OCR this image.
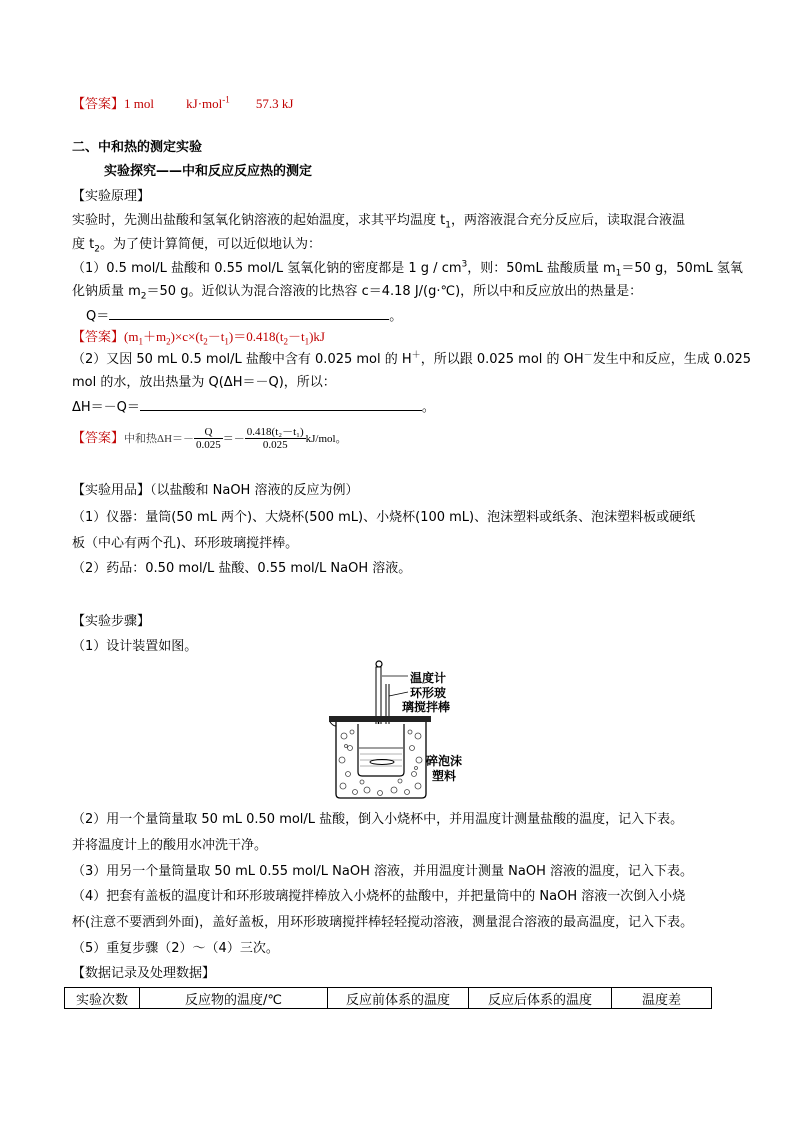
【答案】1 mol kJ·mol$^{-1}$ 57.3 kJ
二、中和热的测定实验
实验探究——中和反应反应热的测定
【实验原理】
实验时，先测出盐酸和氢氧化钠溶液的起始温度，求其平均温度 $t_1$，两溶液混合充分反应后，读取混合液温
度 $t_2$。为了使计算简便，可以近似地认为：
（1）0.5 mol/L 盐酸和 0.55 mol/L 氢氧化钠的密度都是 1 g / $cm^3$，则：50mL 盐酸质量 $m_1=50$ g，50mL 氢氧
化钠质量 $m_2=50$ g。近似认为混合溶液的比热容 c＝4.18 J/(g·℃)，所以中和反应放出的热量是：
Q＝	。
【答案】$(m_1+m_2)\times c\times(t_2-t_1)=0.418(t_2-t_1)kJ$
（2）又因 50 mL 0.5 mol/L 盐酸中含有 0.025 mol 的 H＋，所以跟 0.025 mol 的 OH－发生中和反应，生成 0.025
mol 的水，放出热量为 Q(ΔH＝－Q)，所以：
ΔH＝－Q＝	。
【答案】中和热$\Delta H=- \frac{Q}{0.025} =- \frac{\text{0.418(t₂－t₁)}}{0.025} kJ/mol$。
【实验用品】（以盐酸和 NaOH 溶液的反应为例）
（1）仪器：量筒(50 mL 两个)、大烧杯(500 mL)、小烧杯(100 mL)、泡沫塑料或纸条、泡沫塑料板或硬纸
板（中心有两个孔)、环形玻璃搅拌棒。
（2）药品：0.50 mol/L 盐酸、0.55 mol/L NaOH 溶液。
【实验步骤】
（1）设计装置如图。
温度计
环形玻
璃搅拌棒
碎泡沫
塑料
（2）用一个量筒量取 50 mL 0.50 mol/L 盐酸，倒入小烧杯中，并用温度计测量盐酸的温度，记入下表。
并将温度计上的酸用水冲洗干净。
（3）用另一个量筒量取 50 mL 0.55 mol/L NaOH 溶液，并用温度计测量 NaOH 溶液的温度，记入下表。
（4）把套有盖板的温度计和环形玻璃搅拌棒放入小烧杯的盐酸中，并把量筒中的 NaOH 溶液一次倒入小烧
杯(注意不要洒到外面)，盖好盖板，用环形玻璃搅拌棒轻轻搅动溶液，测量混合溶液的最高温度，记入下表。
（5）重复步骤（2）～（4）三次。
【数据记录及处理数据】
实验次数	反应物的温度/℃	反应前体系的温度	反应后体系的温度	温度差
